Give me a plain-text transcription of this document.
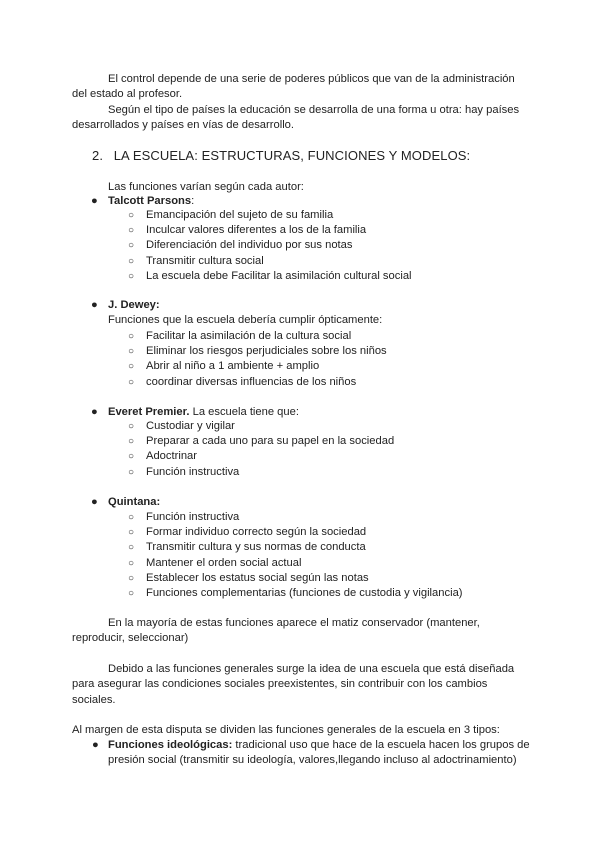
El control depende de una serie de poderes públicos que van de la administración del estado al profesor.

Según el tipo de países la educación se desarrolla de una forma u otra: hay países desarrollados y países en vías de desarrollo.

2. LA ESCUELA: ESTRUCTURAS, FUNCIONES Y MODELOS:

Las funciones varían según cada autor:

● Talcott Parsons:
○ Emancipación del sujeto de su familia
○ Inculcar valores diferentes a los de la familia
○ Diferenciación del individuo por sus notas
○ Transmitir cultura social
○ La escuela debe Facilitar la asimilación cultural social
● J. Dewey:
Funciones que la escuela debería cumplir ópticamente:
○ Facilitar la asimilación de la cultura social
○ Eliminar los riesgos perjudiciales sobre los niños
○ Abrir al niño a 1 ambiente + amplio
○ coordinar diversas influencias de los niños
● Everet Premier. La escuela tiene que:
○ Custodiar y vigilar
○ Preparar a cada uno para su papel en la sociedad
○ Adoctrinar
○ Función instructiva
● Quintana:
○ Función instructiva
○ Formar individuo correcto según la sociedad
○ Transmitir cultura y sus normas de conducta
○ Mantener el orden social actual
○ Establecer los estatus social según las notas
○ Funciones complementarias (funciones de custodia y vigilancia)

En la mayoría de estas funciones aparece el matiz conservador (mantener, reproducir, seleccionar)

Debido a las funciones generales surge la idea de una escuela que está diseñada para asegurar las condiciones sociales preexistentes, sin contribuir con los cambios sociales.

Al margen de esta disputa se dividen las funciones generales de la escuela en 3 tipos:

● Funciones ideológicas: tradicional uso que hace de la escuela hacen los grupos de presión social (transmitir su ideología, valores,llegando incluso al adoctrinamiento)
